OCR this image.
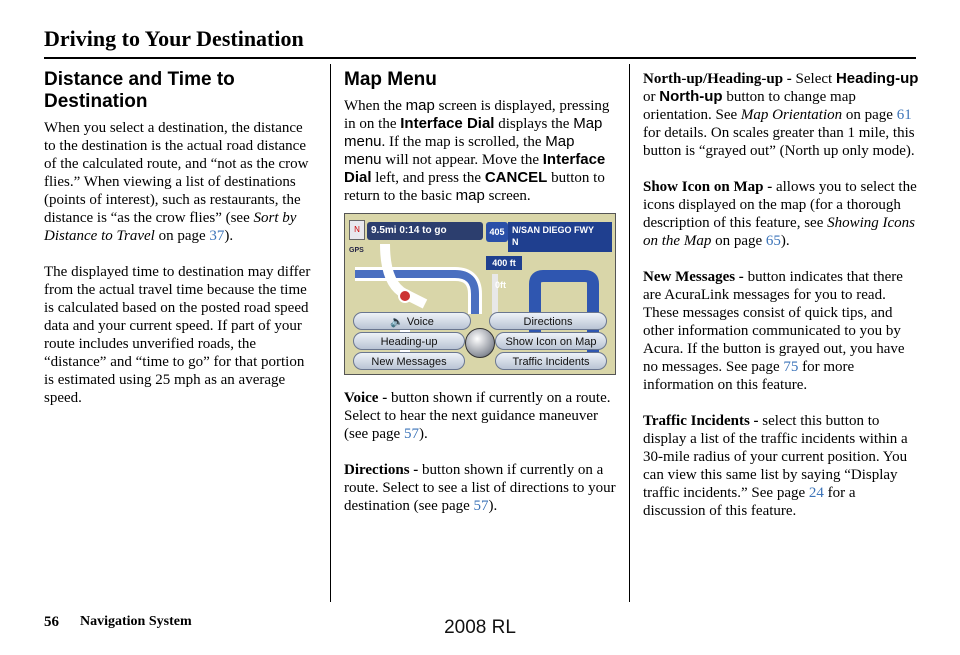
Driving to Your Destination
Distance and Time to Destination

When you select a destination, the distance to the destination is the actual road distance of the calculated route, and “not as the crow flies.” When viewing a list of destinations (points of interest), such as restaurants, the distance is “as the crow flies” (see Sort by Distance to Travel on page 37).

The displayed time to destination may differ from the actual travel time because the time is calculated based on the posted road speed data and your current speed. If part of your route includes unverified roads, the “distance” and “time to go” for that portion is estimated using 25 mph as an average speed.

Map Menu

When the map screen is displayed, pressing in on the Interface Dial displays the Map menu. If the map is scrolled, the Map menu will not appear. Move the Interface Dial left, and press the CANCEL button to return to the basic map screen.

N
GPS
9.5mi 0:14 to go	405 N/SAN DIEGO FWY
N
400 ft
0ft
🔈 Voice	Directions
Heading-up	Show Icon on Map
New Messages	Traffic Incidents

Voice - button shown if currently on a route. Select to hear the next guidance maneuver (see page 57).

Directions - button shown if currently on a route. Select to see a list of directions to your destination (see page 57).

North-up/Heading-up - Select Heading-up or North-up button to change map orientation. See Map Orientation on page 61 for details. On scales greater than 1 mile, this button is “grayed out” (North up only mode).

Show Icon on Map - allows you to select the icons displayed on the map (for a thorough description of this feature, see Showing Icons on the Map on page 65).

New Messages - button indicates that there are AcuraLink messages for you to read. These messages consist of quick tips, and other information communicated to you by Acura. If the button is grayed out, you have no messages. See page 75 for more information on this feature.

Traffic Incidents - select this button to display a list of the traffic incidents within a 30-mile radius of your current position. You can view this same list by saying “Display traffic incidents.” See page 24 for a discussion of this feature.

56 Navigation System	2008 RL
